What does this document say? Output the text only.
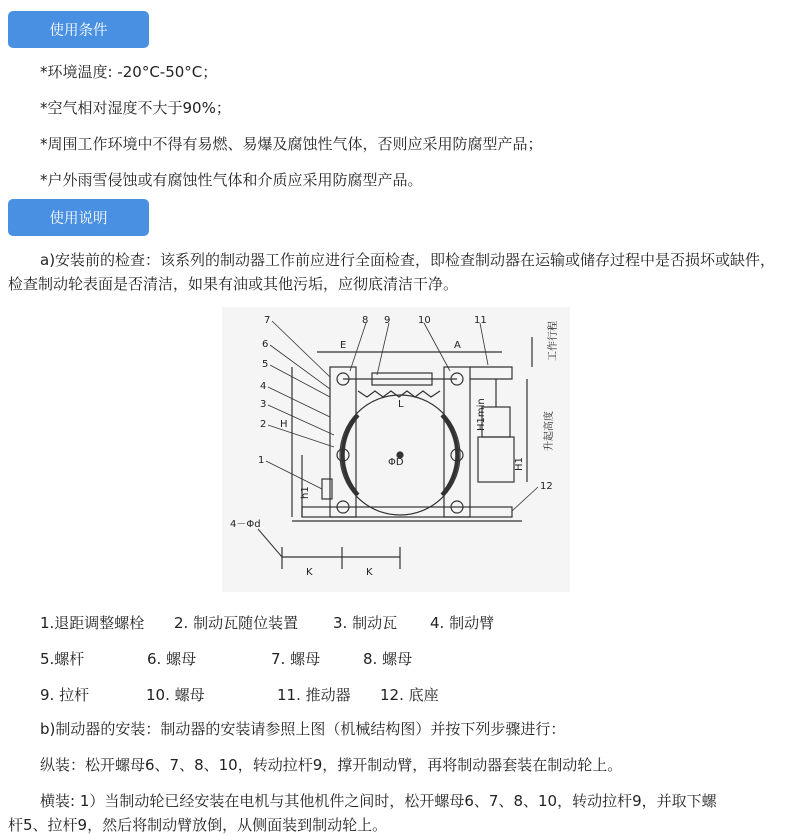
使用条件
*环境温度: -20°C-50°C；
*空气相对湿度不大于90%；
*周围工作环境中不得有易燃、易爆及腐蚀性气体，否则应采用防腐型产品；
*户外雨雪侵蚀或有腐蚀性气体和介质应采用防腐型产品。
使用说明
a)安装前的检查：该系列的制动器工作前应进行全面检查，即检查制动器在运输或储存过程中是否损坏或缺件，检查制动轮表面是否清洁，如果有油或其他污垢，应彻底清洁干净。
7
6
5
4
3
2
1
8 9	10	11
12
E	A
L
H
h1
ΦD
K	K
4－Φd
H1min
H1
工作行程
升起高度
1.退距调整螺栓 2. 制动瓦随位装置 3. 制动瓦 4. 制动臂
5.螺杆	6. 螺母	7. 螺母	8. 螺母
9. 拉杆	10. 螺母	11. 推动器 12. 底座
b)制动器的安装：制动器的安装请参照上图（机械结构图）并按下列步骤进行：
纵装：松开螺母6、7、8、10，转动拉杆9，撑开制动臂，再将制动器套装在制动轮上。
横装: 1）当制动轮已经安装在电机与其他机件之间时，松开螺母6、7、8、10，转动拉杆9，并取下螺
杆5、拉杆9，然后将制动臂放倒，从侧面装到制动轮上。
